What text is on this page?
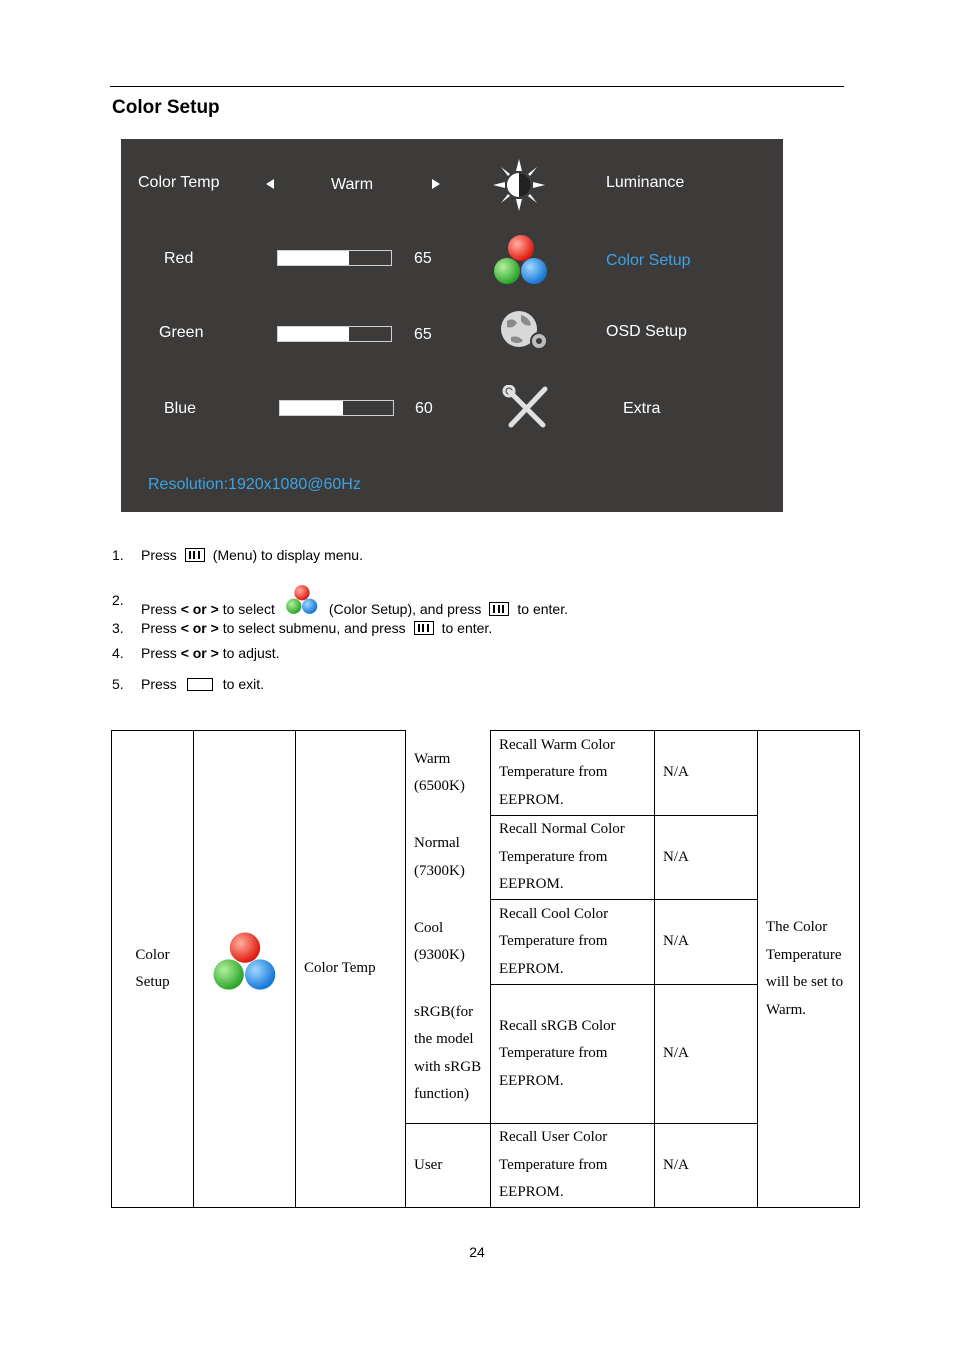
Color Setup
Color Temp	Warm
Red	65
Green	65
Blue	60
Luminance
Color Setup
OSD Setup
Extra
Resolution:1920x1080@60Hz
1. Press	(Menu) to display menu.
2.
Press
< or >
to select	(Color Setup), and press	to enter.
3. Press
< or >
to select submenu, and press	to enter.
4. Press
< or >
to adjust.
5. Press	to exit.
Color Setup		Color Temp	Warm (6500K)	Recall Warm Color Temperature from EEPROM.	N/A	The Color Temperature will be set to Warm.
			Normal (7300K)	Recall Normal Color Temperature from EEPROM.	N/A	
			Cool (9300K)	Recall Cool Color Temperature from EEPROM.	N/A	
			sRGB(for the model with sRGB function)	Recall sRGB Color Temperature from EEPROM.	N/A	
			User	Recall User Color Temperature from EEPROM.	N/A	
24
